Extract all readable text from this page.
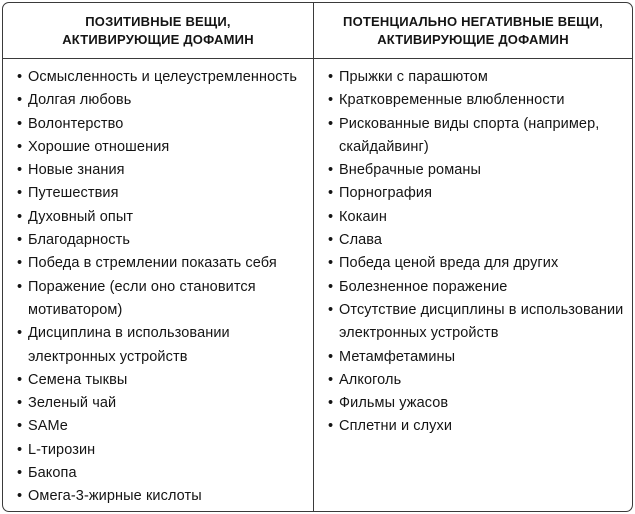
ПОЗИТИВНЫЕ ВЕЩИ,
АКТИВИРУЮЩИЕ ДОФАМИН
ПОТЕНЦИАЛЬНО НЕГАТИВНЫЕ ВЕЩИ,
АКТИВИРУЮЩИЕ ДОФАМИН
• Осмысленность и целеустремленность
• Долгая любовь
• Волонтерство
• Хорошие отношения
• Новые знания
• Путешествия
• Духовный опыт
• Благодарность
• Победа в стремлении показать себя
• Поражение (если оно становится мотиватором)
• Дисциплина в использовании электронных устройств
• Семена тыквы
• Зеленый чай
• SAMe
• L-тирозин
• Бакопа
• Омега-3-жирные кислоты
• Прыжки с парашютом
• Кратковременные влюбленности
• Рискованные виды спорта (например, скайдайвинг)
• Внебрачные романы
• Порнография
• Кокаин
• Слава
• Победа ценой вреда для других
• Болезненное поражение
• Отсутствие дисциплины в использовании электронных устройств
• Метамфетамины
• Алкоголь
• Фильмы ужасов
• Сплетни и слухи
